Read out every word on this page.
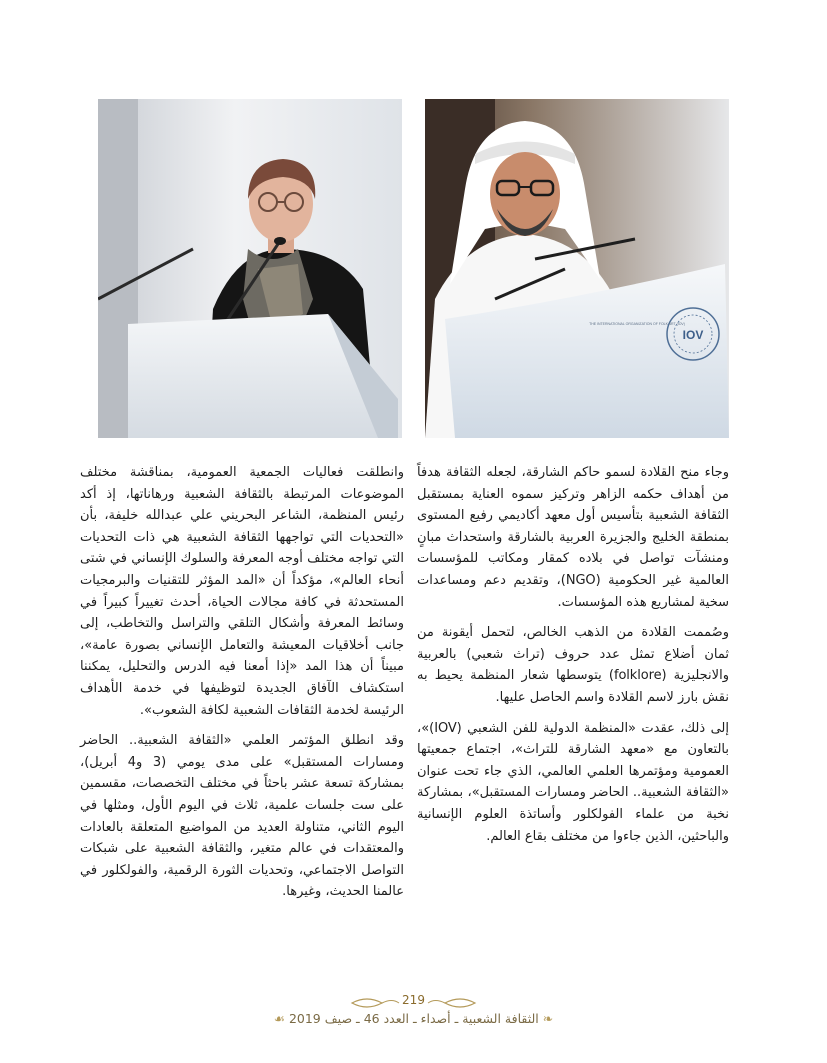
IOV
THE INTERNATIONAL ORGANIZATION OF FOLK ART (IOV)

وجاء منح القلادة لسمو حاكم الشارقة، لجعله الثقافة هدفاً من أهداف حكمه الزاهر وتركيز سموه العناية بمستقبل الثقافة الشعبية بتأسيس أول معهد أكاديمي رفيع المستوى بمنطقة الخليج والجزيرة العربية بالشارقة واستحداث مبانٍ ومنشآت تواصل في بلاده كمقار ومكاتب للمؤسسات العالمية غير الحكومية (NGO)، وتقديم دعم ومساعدات سخية لمشاريع هذه المؤسسات.

وصُممت القلادة من الذهب الخالص، لتحمل أيقونة من ثمان أضلاع تمثل عدد حروف (تراث شعبي) بالعربية والانجليزية (folklore) يتوسطها شعار المنظمة يحيط به نقش بارز لاسم القلادة واسم الحاصل عليها.

إلى ذلك، عقدت «المنظمة الدولية للفن الشعبي (IOV)»، بالتعاون مع «معهد الشارقة للتراث»، اجتماع جمعيتها العمومية ومؤتمرها العلمي العالمي، الذي جاء تحت عنوان «الثقافة الشعبية.. الحاضر ومسارات المستقبل»، بمشاركة نخبة من علماء الفولكلور وأساتذة العلوم الإنسانية والباحثين، الذين جاءوا من مختلف بقاع العالم.

وانطلقت فعاليات الجمعية العمومية، بمناقشة مختلف الموضوعات المرتبطة بالثقافة الشعبية ورهاناتها، إذ أكد رئيس المنظمة، الشاعر البحريني علي عبدالله خليفة، بأن «التحديات التي تواجهها الثقافة الشعبية هي ذات التحديات التي تواجه مختلف أوجه المعرفة والسلوك الإنساني في شتى أنحاء العالم»، مؤكداً أن «المد المؤثر للتقنيات والبرمجيات المستحدثة في كافة مجالات الحياة، أحدث تغييراً كبيراً في وسائط المعرفة وأشكال التلقي والتراسل والتخاطب، إلى جانب أخلاقيات المعيشة والتعامل الإنساني بصورة عامة»، مبيناً أن هذا المد «إذا أمعنا فيه الدرس والتحليل، يمكننا استكشاف الآفاق الجديدة لتوظيفها في خدمة الأهداف الرئيسة لخدمة الثقافات الشعبية لكافة الشعوب».

وقد انطلق المؤتمر العلمي «الثقافة الشعبية.. الحاضر ومسارات المستقبل» على مدى يومي (3 و4 أبريل)، بمشاركة تسعة عشر باحثاً في مختلف التخصصات، مقسمين على ست جلسات علمية، ثلاث في اليوم الأول، ومثلها في اليوم الثاني، متناولة العديد من المواضيع المتعلقة بالعادات والمعتقدات في عالم متغير، والثقافة الشعبية على شبكات التواصل الاجتماعي، وتحديات الثورة الرقمية، والفولكلور في عالمنا الحديث، وغيرها.

219
❧ الثقافة الشعبية ـ أصداء ـ العدد 46 ـ صيف 2019 ☙
